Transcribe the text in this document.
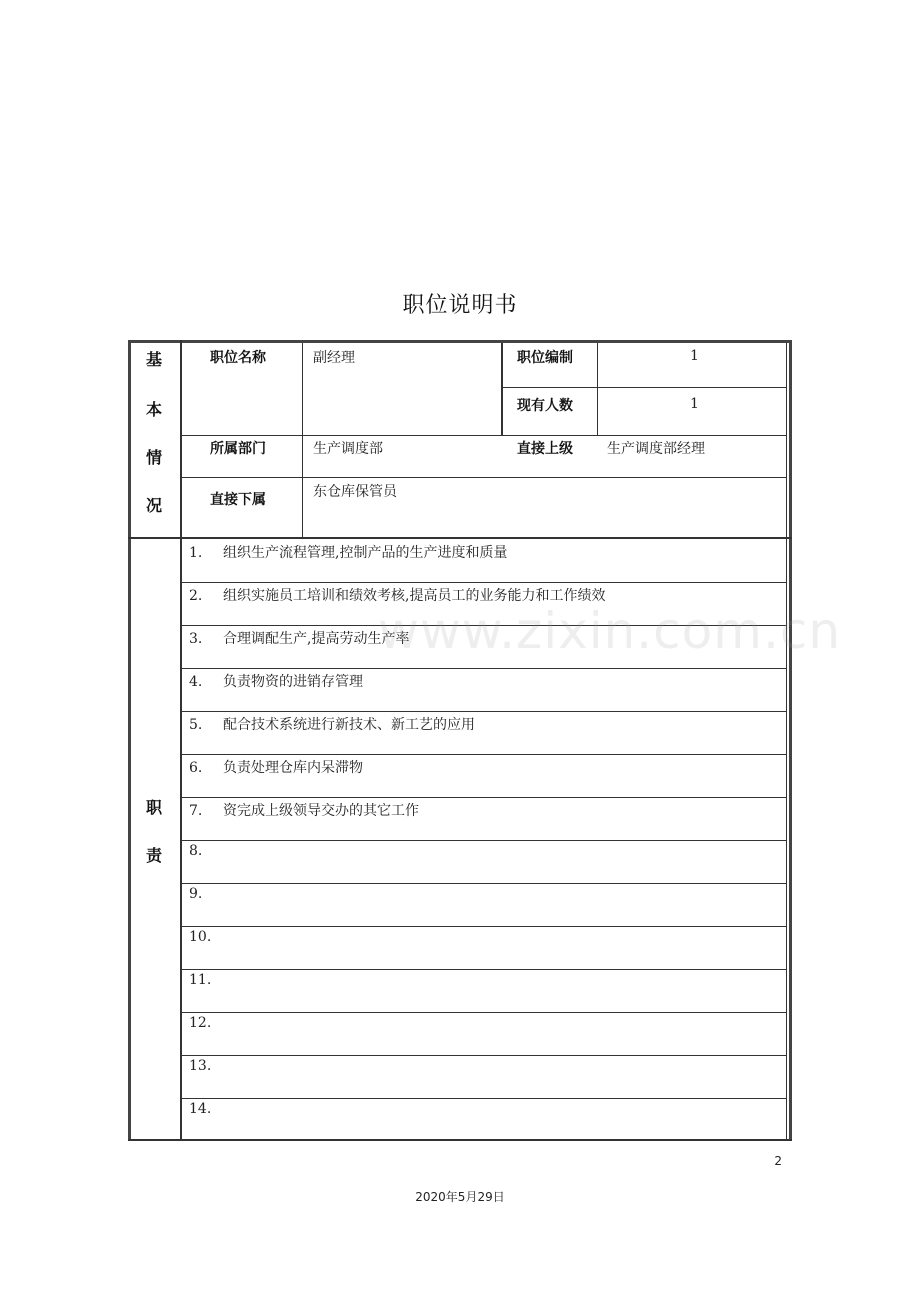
职位说明书
基
本
情
况
职位名称	副经理	职位编制	1
现有人数	1
所属部门	生产调度部	直接上级 生产调度部经理
直接下属	东仓库保管员
职
责
1. 组织生产流程管理,控制产品的生产进度和质量
2. 组织实施员工培训和绩效考核,提高员工的业务能力和工作绩效
3. 合理调配生产,提高劳动生产率
4. 负责物资的进销存管理
5. 配合技术系统进行新技术、新工艺的应用
6. 负责处理仓库内呆滞物
7. 资完成上级领导交办的其它工作
8.
9.
10.
11.
12.
13.
14.
www.zixin.com.cn
2
2020年5月29日
